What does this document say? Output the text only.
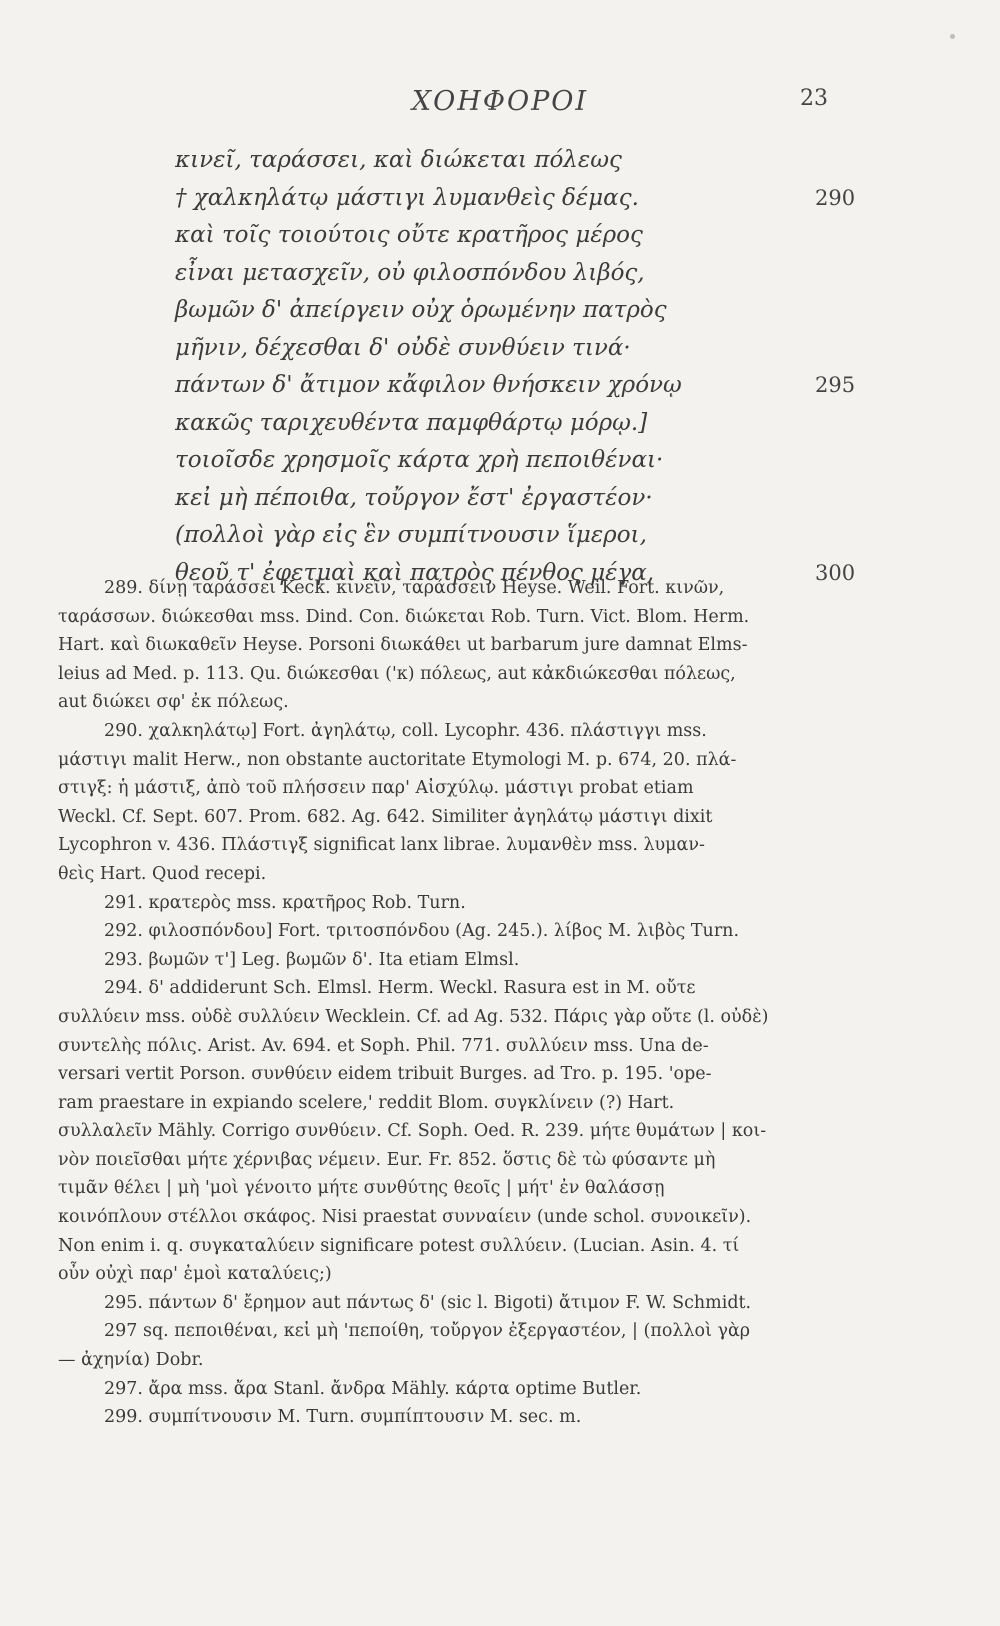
ΧΟΗΦΟΡΟΙ	23
κινεῖ, ταράσσει, καὶ διώκεται πόλεως
† χαλκηλάτῳ μάστιγι λυμανθεὶς δέμας.	290
καὶ τοῖς τοιούτοις οὔτε κρατῆρος μέρος
εἶναι μετασχεῖν, οὐ φιλοσπόνδου λιβός,
βωμῶν δ' ἀπείργειν οὐχ ὁρωμένην πατρὸς
μῆνιν, δέχεσθαι δ' οὐδὲ συνθύειν τινά·
πάντων δ' ἄτιμον κἄφιλον θνήσκειν χρόνῳ	295
κακῶς ταριχευθέντα παμφθάρτῳ μόρῳ.]
τοιοῖσδε χρησμοῖς κάρτα χρὴ πεποιθέναι·
κεἰ μὴ πέποιθα, τοὔργον ἔστ' ἐργαστέον·
(πολλοὶ γὰρ εἰς ἓν συμπίτνουσιν ἵμεροι,
θεοῦ τ' ἐφετμαὶ καὶ πατρὸς πένθος μέγα,	300
289. δίνῃ ταράσσει Keck. κινεῖν, ταράσσειν Heyse. Weil. Fort. κινῶν,
ταράσσων. διώκεσθαι mss. Dind. Con. διώκεται Rob. Turn. Vict. Blom. Herm.
Hart. καὶ διωκαθεῖν Heyse. Porsoni διωκάθει ut barbarum jure damnat Elms-
leius ad Med. p. 113. Qu. διώκεσθαι ('κ) πόλεως, aut κἀκδιώκεσθαι πόλεως,
aut διώκει σφ' ἐκ πόλεως.
290. χαλκηλάτῳ] Fort. ἀγηλάτῳ, coll. Lycophr. 436. πλάστιγγι mss.
μάστιγι malit Herw., non obstante auctoritate Etymologi M. p. 674, 20. πλά-
στιγξ: ἡ μάστιξ, ἀπὸ τοῦ πλήσσειν παρ' Αἰσχύλῳ. μάστιγι probat etiam
Weckl. Cf. Sept. 607. Prom. 682. Ag. 642. Similiter ἀγηλάτῳ μάστιγι dixit
Lycophron v. 436. Πλάστιγξ significat lanx librae. λυμανθὲν mss. λυμαν-
θεὶς Hart. Quod recepi.
291. κρατερὸς mss. κρατῆρος Rob. Turn.
292. φιλοσπόνδου] Fort. τριτοσπόνδου (Ag. 245.). λίβος M. λιβὸς Turn.
293. βωμῶν τ'] Leg. βωμῶν δ'. Ita etiam Elmsl.
294. δ' addiderunt Sch. Elmsl. Herm. Weckl. Rasura est in M. οὔτε
συλλύειν mss. οὐδὲ συλλύειν Wecklein. Cf. ad Ag. 532. Πάρις γὰρ οὔτε (l. οὐδὲ)
συντελὴς πόλις. Arist. Av. 694. et Soph. Phil. 771. συλλύειν mss. Una de-
versari vertit Porson. συνθύειν eidem tribuit Burges. ad Tro. p. 195. 'ope-
ram praestare in expiando scelere,' reddit Blom. συγκλίνειν (?) Hart.
συλλαλεῖν Mähly. Corrigo συνθύειν. Cf. Soph. Oed. R. 239. μήτε θυμάτων | κοι-
νὸν ποιεῖσθαι μήτε χέρνιβας νέμειν. Eur. Fr. 852. ὅστις δὲ τὼ φύσαντε μὴ
τιμᾶν θέλει | μὴ 'μοὶ γένοιτο μήτε συνθύτης θεοῖς | μήτ' ἐν θαλάσσῃ
κοινόπλουν στέλλοι σκάφος. Nisi praestat συνναίειν (unde schol. συνοικεῖν).
Non enim i. q. συγκαταλύειν significare potest συλλύειν. (Lucian. Asin. 4. τί
οὖν οὐχὶ παρ' ἐμοὶ καταλύεις;)
295. πάντων δ' ἔρημον aut πάντως δ' (sic l. Bigoti) ἄτιμον F. W. Schmidt.
297 sq. πεποιθέναι, κεἰ μὴ 'πεποίθη, τοὔργον ἐξεργαστέον, | (πολλοὶ γὰρ
— ἀχηνία) Dobr.
297. ἄρα mss. ἄρα Stanl. ἄνδρα Mähly. κάρτα optime Butler.
299. συμπίτνουσιν M. Turn. συμπίπτουσιν M. sec. m.
